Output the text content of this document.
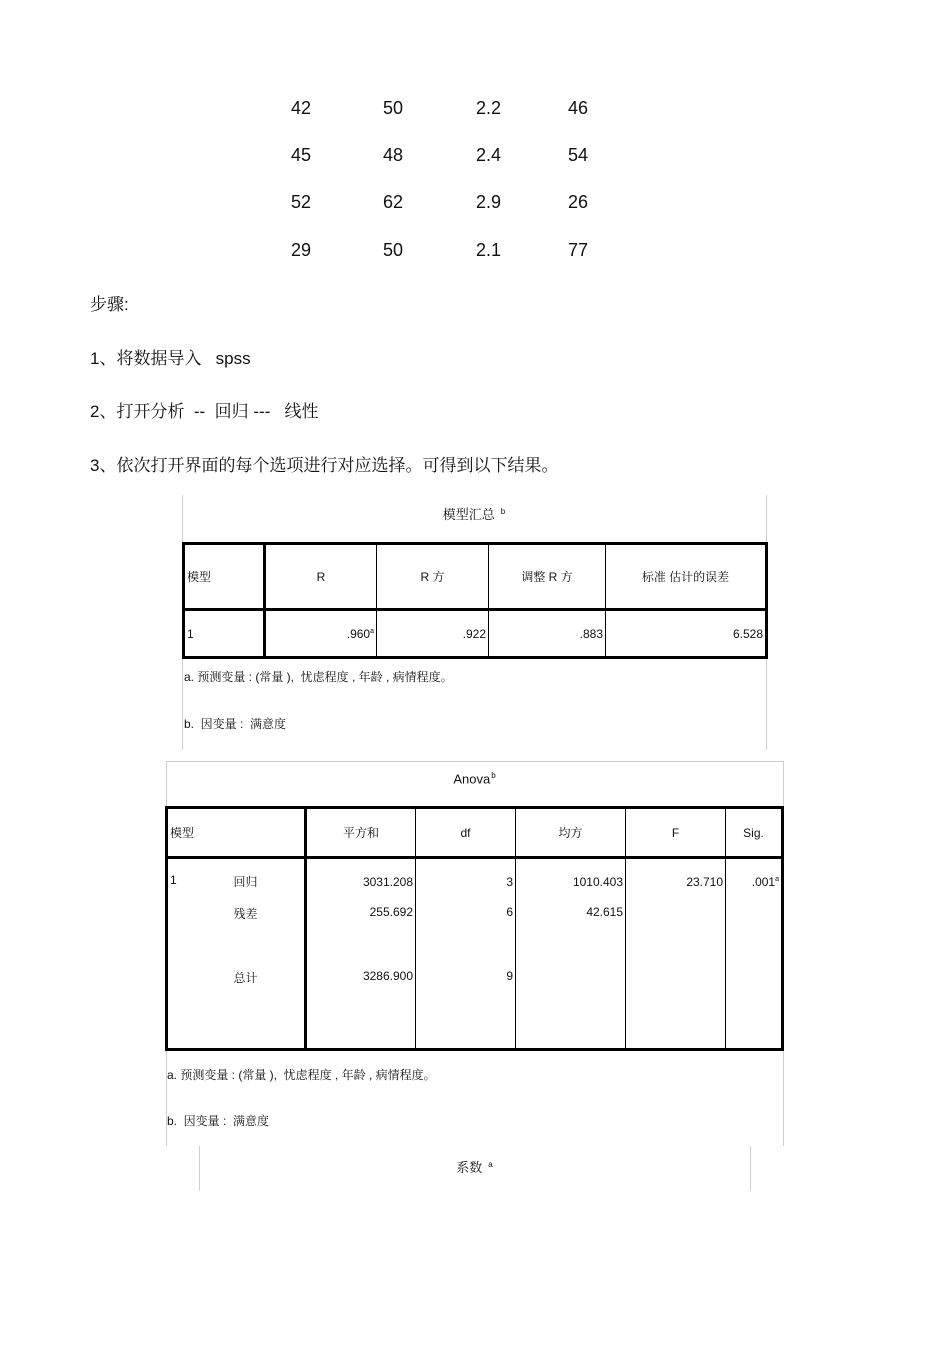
42	50	2.2	46
45	48	2.4	54
52	62	2.9	26
29	50	2.1	77
步骤:
1、将数据导入   spss
2、打开分析  --  回归 ---   线性
3、依次打开界面的每个选项进行对应选择。可得到以下结果。
模型汇总 $^b$
模型	R	R 方	调整 R 方	标准 估计的误差
1	.960$^a$	.922	.883	6.528
a. 预测变量 : (常量 ),  忧虑程度 , 年龄 , 病情程度。
b.  因变量 :  满意度
Anova$^b$
模型		平方和	df	均方	F	Sig.
1	回归	3031.208	3	1010.403	23.710	.001$^a$
	残差	255.692	6	42.615		
	总计	3286.900	9			
a. 预测变量 : (常量 ),  忧虑程度 , 年龄 , 病情程度。
b.  因变量 :  满意度
系数 $^a$
